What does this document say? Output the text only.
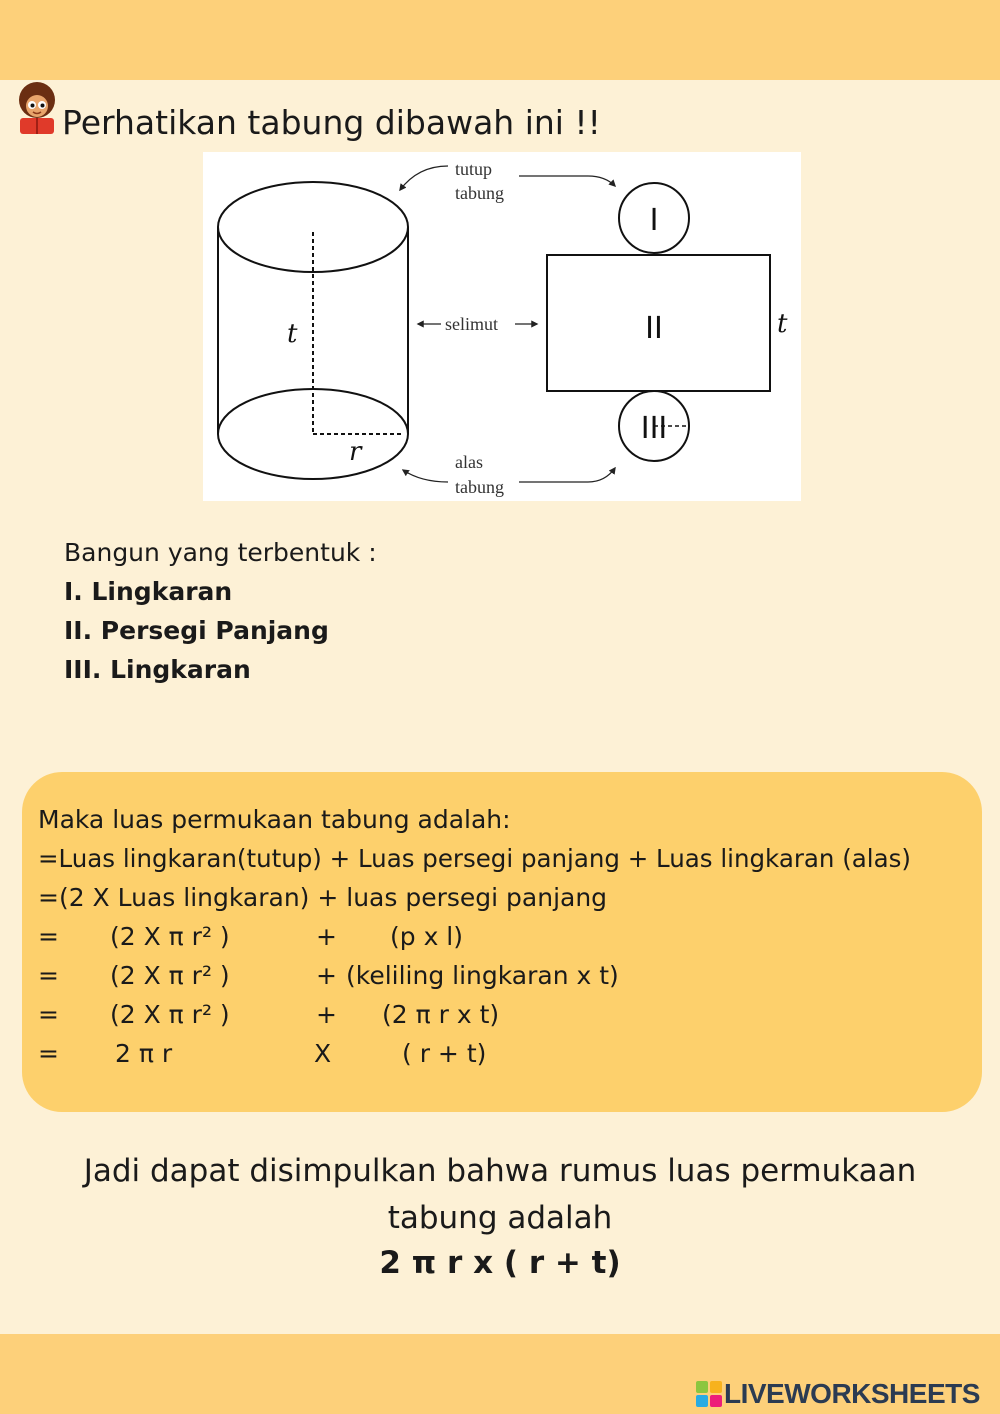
Perhatikan tabung dibawah ini !!
t
r
tutup
tabung
selimut
alas
tabung
I
II	t
III
Bangun yang terbentuk :
I. Lingkaran
II. Persegi Panjang
III. Lingkaran
Maka luas permukaan tabung adalah:
=Luas lingkaran(tutup) + Luas persegi panjang + Luas lingkaran (alas)
=(2 X Luas lingkaran) + luas persegi panjang
= (2 X π r² )	+ (p x l)
= (2 X π r² )	+ (keliling lingkaran x t)
= (2 X π r² )	+ (2 π r x t)
= 2 π r	X	( r + t)
Jadi dapat disimpulkan bahwa rumus luas permukaan
tabung adalah
2 π r x ( r + t)
LIVEWORKSHEETS
